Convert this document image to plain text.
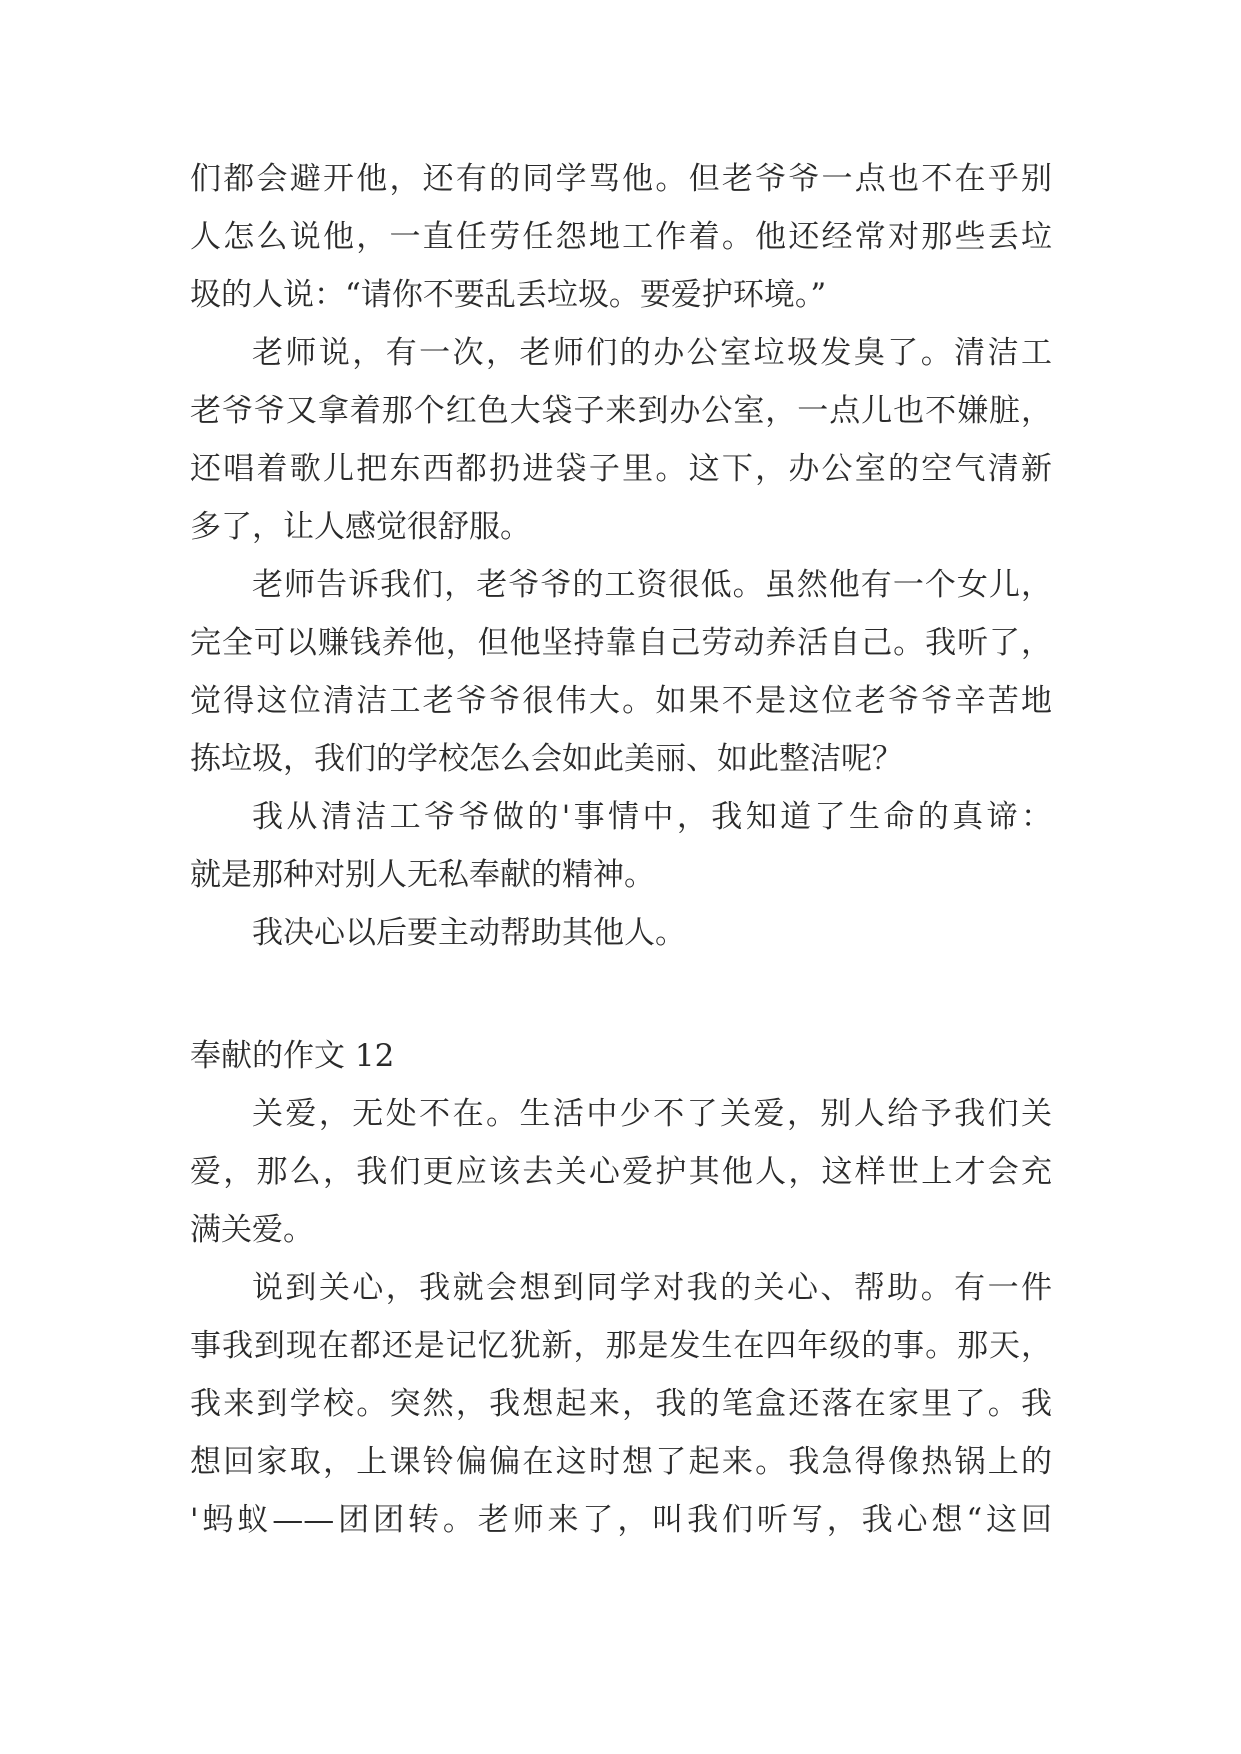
们都会避开他，还有的同学骂他。但老爷爷一点也不在乎别
人怎么说他，一直任劳任怨地工作着。他还经常对那些丢垃
圾的人说：“请你不要乱丢垃圾。要爱护环境。”
老师说，有一次，老师们的办公室垃圾发臭了。清洁工
老爷爷又拿着那个红色大袋子来到办公室，一点儿也不嫌脏，
还唱着歌儿把东西都扔进袋子里。这下，办公室的空气清新
多了，让人感觉很舒服。
老师告诉我们，老爷爷的工资很低。虽然他有一个女儿，
完全可以赚钱养他，但他坚持靠自己劳动养活自己。我听了，
觉得这位清洁工老爷爷很伟大。如果不是这位老爷爷辛苦地
拣垃圾，我们的学校怎么会如此美丽、如此整洁呢？
我从清洁工爷爷做的'事情中，我知道了生命的真谛：
就是那种对别人无私奉献的精神。
我决心以后要主动帮助其他人。
奉献的作文 12
关爱，无处不在。生活中少不了关爱，别人给予我们关
爱，那么，我们更应该去关心爱护其他人，这样世上才会充
满关爱。
说到关心，我就会想到同学对我的关心、帮助。有一件
事我到现在都还是记忆犹新，那是发生在四年级的事。那天，
我来到学校。突然，我想起来，我的笔盒还落在家里了。我
想回家取，上课铃偏偏在这时想了起来。我急得像热锅上的
'蚂蚁——团团转。老师来了，叫我们听写，我心想“这回
